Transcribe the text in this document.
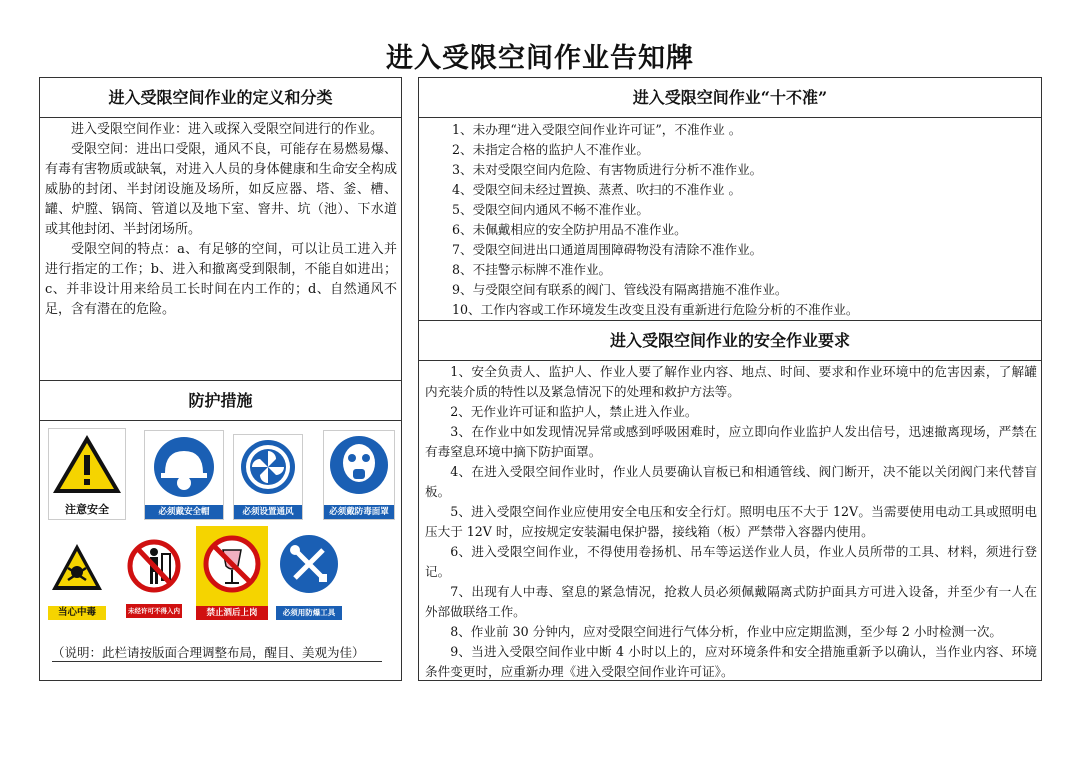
进入受限空间作业告知牌
进入受限空间作业的定义和分类
进入受限空间作业：进入或探入受限空间进行的作业。
受限空间：进出口受限，通风不良，可能存在易燃易爆、有毒有害物质或缺氧，对进入人员的身体健康和生命安全构成威胁的封闭、半封闭设施及场所，如反应器、塔、釜、槽、罐、炉膛、锅筒、管道以及地下室、窨井、坑（池）、下水道或其他封闭、半封闭场所。
受限空间的特点：a、有足够的空间，可以让员工进入并进行指定的工作；b、进入和撤离受到限制，不能自如进出；c、并非设计用来给员工长时间在内工作的；d、自然通风不足，含有潜在的危险。
防护措施
注意安全	必须戴安全帽	必须设置通风	必须戴防毒面罩
当心中毒	未经许可不得入内	禁止酒后上岗	必须用防爆工具
（说明：此栏请按版面合理调整布局，醒目、美观为佳）
进入受限空间作业“十不准”
1、未办理“进入受限空间作业许可证”，不准作业 。
2、未指定合格的监护人不准作业。
3、未对受限空间内危险、有害物质进行分析不准作业。
4、受限空间未经过置换、蒸煮、吹扫的不准作业 。
5、受限空间内通风不畅不准作业。
6、未佩戴相应的安全防护用品不准作业。
7、受限空间进出口通道周围障碍物没有清除不准作业。
8、不挂警示标牌不准作业。
9、与受限空间有联系的阀门、管线没有隔离措施不准作业。
10、工作内容或工作环境发生改变且没有重新进行危险分析的不准作业。
进入受限空间作业的安全作业要求
1、安全负责人、监护人、作业人要了解作业内容、地点、时间、要求和作业环境中的危害因素，了解罐内充装介质的特性以及紧急情况下的处理和救护方法等。
2、无作业许可证和监护人，禁止进入作业。
3、在作业中如发现情况异常或感到呼吸困难时，应立即向作业监护人发出信号，迅速撤离现场，严禁在有毒窒息环境中摘下防护面罩。
4、在进入受限空间作业时，作业人员要确认盲板已和相通管线、阀门断开，决不能以关闭阀门来代替盲板。
5、进入受限空间作业应使用安全电压和安全行灯。照明电压不大于 12V。当需要使用电动工具或照明电压大于 12V 时，应按规定安装漏电保护器，接线箱（板）严禁带入容器内使用。
6、进入受限空间作业，不得使用卷扬机、吊车等运送作业人员，作业人员所带的工具、材料，须进行登记。
7、出现有人中毒、窒息的紧急情况，抢救人员必须佩戴隔离式防护面具方可进入设备，并至少有一人在外部做联络工作。
8、作业前 30 分钟内，应对受限空间进行气体分析，作业中应定期监测，至少每 2 小时检测一次。
9、当进入受限空间作业中断 4 小时以上的，应对环境条件和安全措施重新予以确认，当作业内容、环境条件变更时，应重新办理《进入受限空间作业许可证》。
